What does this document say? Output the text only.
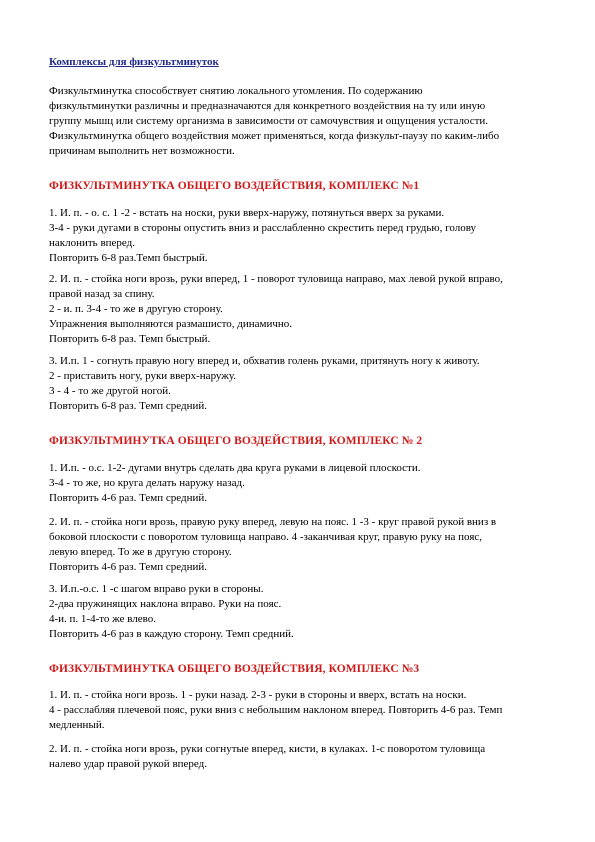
Комплексы для физкультминуток

Физкультминутка способствует снятию локального утомления. По содержанию
физкультминутки различны и предназначаются для конкретного воздействия на ту или иную
группу мышц или систему организма в зависимости от самочувствия и ощущения усталости.
Физкультминутка общего воздействия может применяться, когда физкульт-паузу по каким-либо
причинам выполнить нет возможности.

ФИЗКУЛЬТМИНУТКА ОБЩЕГО ВОЗДЕЙСТВИЯ, КОМПЛЕКС №1

1. И. п. - о. с. 1 -2 - встать на носки, руки вверх-наружу, потянуться вверх за руками.
3-4 - руки дугами в стороны опустить вниз и расслабленно скрестить перед грудью, голову
наклонить вперед.
Повторить 6-8 раз.Темп быстрый.

2. И. п. - стойка ноги врозь, руки вперед, 1 - поворот туловища направо, мах левой рукой вправо,
правой назад за спину.
2 - и. п. 3-4 - то же в другую сторону.
Упражнения выполняются размашисто, динамично.
Повторить 6-8 раз. Темп быстрый.

3. И.п. 1 - согнуть правую ногу вперед и, обхватив голень руками, притянуть ногу к животу.
2 - приставить ногу, руки вверх-наружу.
3 - 4 - то же другой ногой.
Повторить 6-8 раз. Темп средний.

ФИЗКУЛЬТМИНУТКА ОБЩЕГО ВОЗДЕЙСТВИЯ, КОМПЛЕКС № 2

1. И.п. - о.с. 1-2- дугами внутрь сделать два круга руками в лицевой плоскости.
3-4 - то же, но круга делать наружу назад.
Повторить 4-6 раз. Темп средний.

2. И. п. - стойка ноги врозь, правую руку вперед, левую на пояс. 1 -3 - круг правой рукой вниз в
боковой плоскости с поворотом туловища направо. 4 -заканчивая круг, правую руку на пояс,
левую вперед. То же в другую сторону.
Повторить 4-6 раз. Темп средний.

3. И.п.-о.с. 1 -с шагом вправо руки в стороны.
2-два пружинящих наклона вправо. Руки на пояс.
4-и. п. 1-4-то же влево.
Повторить 4-6 раз в каждую сторону. Темп средний.

ФИЗКУЛЬТМИНУТКА ОБЩЕГО ВОЗДЕЙСТВИЯ, КОМПЛЕКС №3

1. И. п. - стойка ноги врозь. 1 - руки назад. 2-3 - руки в стороны и вверх, встать на носки.
4 - расслабляя плечевой пояс, руки вниз с небольшим наклоном вперед. Повторить 4-6 раз. Темп
медленный.

2. И. п. - стойка ноги врозь, руки согнутые вперед, кисти, в кулаках. 1-с поворотом туловища
налево удар правой рукой вперед.
